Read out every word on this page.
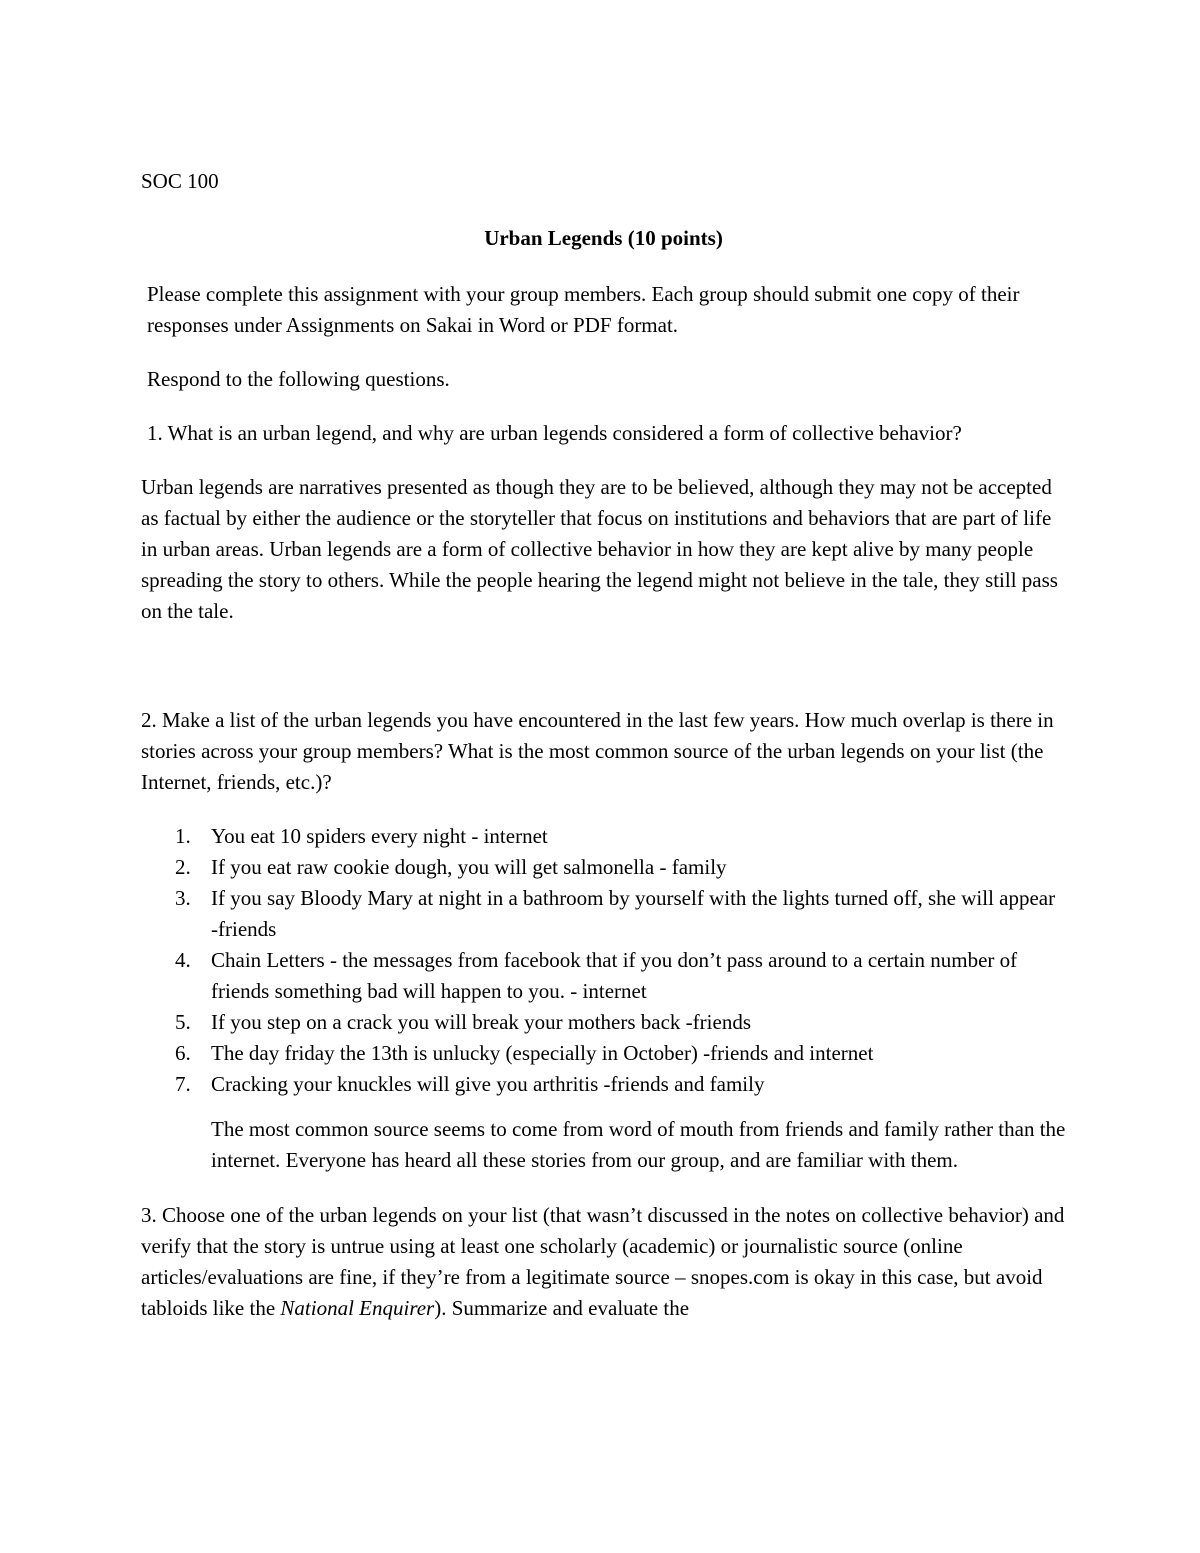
SOC 100
Urban Legends (10 points)
Please complete this assignment with your group members. Each group should submit one copy of their responses under Assignments on Sakai in Word or PDF format.
Respond to the following questions.
1. What is an urban legend, and why are urban legends considered a form of collective behavior?
Urban legends are narratives presented as though they are to be believed, although they may not be accepted as factual by either the audience or the storyteller that focus on institutions and behaviors that are part of life in urban areas. Urban legends are a form of collective behavior in how they are kept alive by many people spreading the story to others. While the people hearing the legend might not believe in the tale, they still pass on the tale.
2. Make a list of the urban legends you have encountered in the last few years. How much overlap is there in stories across your group members? What is the most common source of the urban legends on your list (the Internet, friends, etc.)?
1. You eat 10 spiders every night - internet
2. If you eat raw cookie dough, you will get salmonella - family
3. If you say Bloody Mary at night in a bathroom by yourself with the lights turned off, she will appear -friends
4. Chain Letters - the messages from facebook that if you don’t pass around to a certain number of friends something bad will happen to you. - internet
5. If you step on a crack you will break your mothers back -friends
6. The day friday the 13th is unlucky (especially in October) -friends and internet
7. Cracking your knuckles will give you arthritis -friends and family
The most common source seems to come from word of mouth from friends and family rather than the internet. Everyone has heard all these stories from our group, and are familiar with them.
3. Choose one of the urban legends on your list (that wasn’t discussed in the notes on collective behavior) and verify that the story is untrue using at least one scholarly (academic) or journalistic source (online articles/evaluations are fine, if they’re from a legitimate source – snopes.com is okay in this case, but avoid tabloids like the National Enquirer). Summarize and evaluate the
